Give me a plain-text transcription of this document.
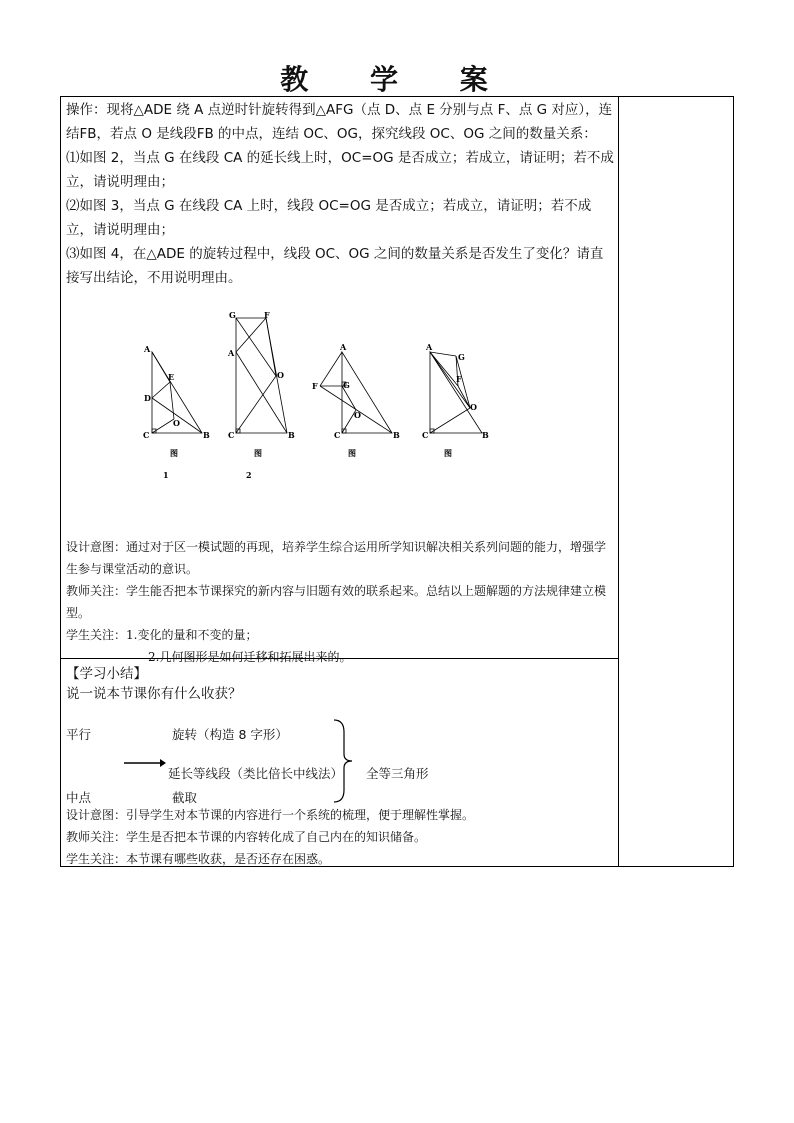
教 学 案

操作：现将△ADE 绕 A 点逆时针旋转得到△AFG（点 D、点 E 分别与点 F、点 G 对应），连结FB，若点 O 是线段FB 的中点，连结 OC、OG，探究线段 OC、OG 之间的数量关系：

⑴如图 2，当点 G 在线段 CA 的延长线上时，OC=OG 是否成立；若成立，请证明；若不成立，请说明理由；

⑵如图 3，当点 G 在线段 CA 上时，线段 OC=OG 是否成立；若成立，请证明；若不成立，请说明理由；

⑶如图 4，在△ADE 的旋转过程中，线段 OC、OG 之间的数量关系是否发生了变化？请直接写出结论，不用说明理由。

A
E
D
O
C	B
图
1
G	F
A
O
C	B
图
2
A
F	G
O
C	B
图
A
G
F
O
C	B
图

设计意图：通过对于区一模试题的再现，培养学生综合运用所学知识解决相关系列问题的能力，增强学生参与课堂活动的意识。

教师关注：学生能否把本节课探究的新内容与旧题有效的联系起来。总结以上题解题的方法规律建立模型。

学生关注：1.变化的量和不变的量；

2.几何图形是如何迁移和拓展出来的。

【学习小结】
说一说本节课你有什么收获？
平行	旋转（构造 8 字形）
延长等线段（类比倍长中线法）
中点	截取
全等三角形

设计意图：引导学生对本节课的内容进行一个系统的梳理，便于理解性掌握。

教师关注：学生是否把本节课的内容转化成了自己内在的知识储备。

学生关注：本节课有哪些收获，是否还存在困惑。
